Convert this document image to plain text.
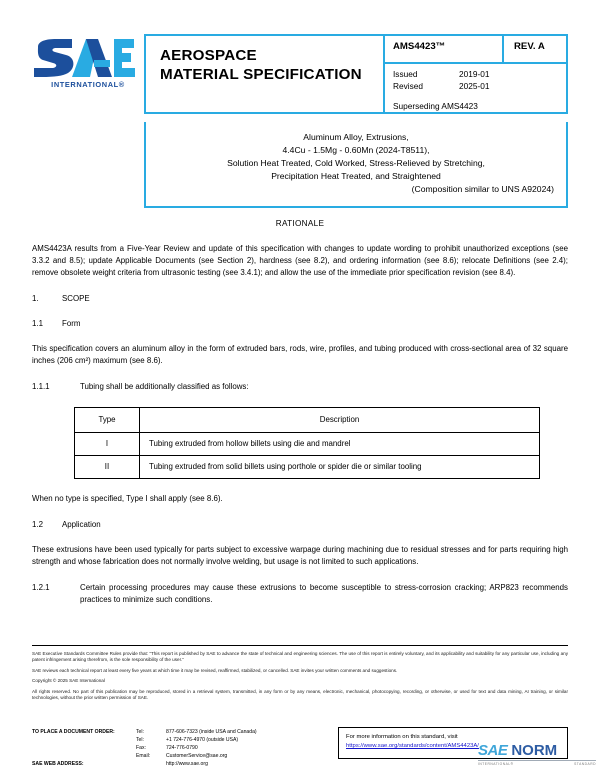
INTERNATIONAL®
AEROSPACE
MATERIAL SPECIFICATION
AMS4423™	REV. A
Issued	2019-01
Revised	2025-01
Superseding AMS4423
Aluminum Alloy, Extrusions,
4.4Cu - 1.5Mg - 0.60Mn (2024-T8511),
Solution Heat Treated, Cold Worked, Stress-Relieved by Stretching,
Precipitation Heat Treated, and Straightened
(Composition similar to UNS A92024)
RATIONALE

AMS4423A results from a Five-Year Review and update of this specification with changes to update wording to prohibit unauthorized exceptions (see 3.3.2 and 8.5); update Applicable Documents (see Section 2), hardness (see 8.2), and ordering information (see 8.6); relocate Definitions (see 2.4); remove obsolete weight criteria from ultrasonic testing (see 3.4.1); and allow the use of the immediate prior specification revision (see 8.4).

1.	SCOPE
1.1	Form

This specification covers an aluminum alloy in the form of extruded bars, rods, wire, profiles, and tubing produced with cross-sectional area of 32 square inches (206 cm²) maximum (see 8.6).

1.1.1	Tubing shall be additionally classified as follows:
Type	Description
I	Tubing extruded from hollow billets using die and mandrel
II	Tubing extruded from solid billets using porthole or spider die or similar tooling

When no type is specified, Type I shall apply (see 8.6).

1.2	Application

These extrusions have been used typically for parts subject to excessive warpage during machining due to residual stresses and for parts requiring high strength and whose fabrication does not normally involve welding, but usage is not limited to such applications.

1.2.1	Certain processing procedures may cause these extrusions to become susceptible to stress-corrosion cracking; ARP823 recommends practices to minimize such conditions.

SAE Executive Standards Committee Rules provide that: “This report is published by SAE to advance the state of technical and engineering sciences. The use of this report is entirely voluntary, and its applicability and suitability for any particular use, including any patent infringement arising therefrom, is the sole responsibility of the user.”

SAE reviews each technical report at least every five years at which time it may be revised, reaffirmed, stabilized, or cancelled. SAE invites your written comments and suggestions.

Copyright © 2025 SAE International

All rights reserved. No part of this publication may be reproduced, stored in a retrieval system, transmitted, in any form or by any means, electronic, mechanical, photocopying, recording, or otherwise, or used for text and data mining, AI training, or similar technologies, without the prior written permission of SAE.

TO PLACE A DOCUMENT ORDER:	Tel:	877-606-7323 (inside USA and Canada)
Tel:	+1 724-776-4970 (outside USA)
Fax:	724-776-0790
Email:	CustomerService@sae.org
SAE WEB ADDRESS:	http://www.sae.org
For more information on this standard, visit
https://www.sae.org/standards/content/AMS4423A/ SAE NORM
INTERNATIONAL®	STANDARD
